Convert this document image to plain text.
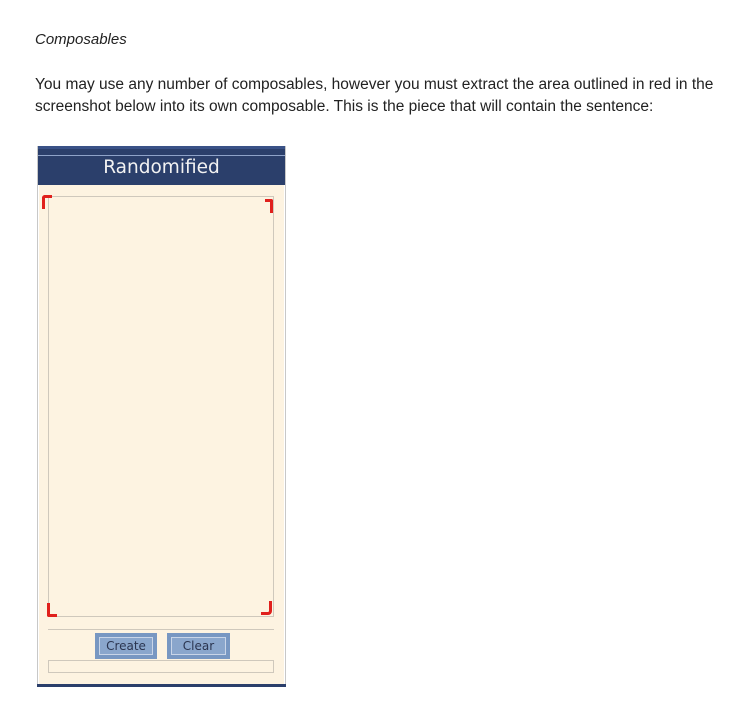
Composables
You may use any number of composables, however you must extract the area outlined in red in the screenshot below into its own composable. This is the piece that will contain the sentence:
Randomified
Create	Clear
